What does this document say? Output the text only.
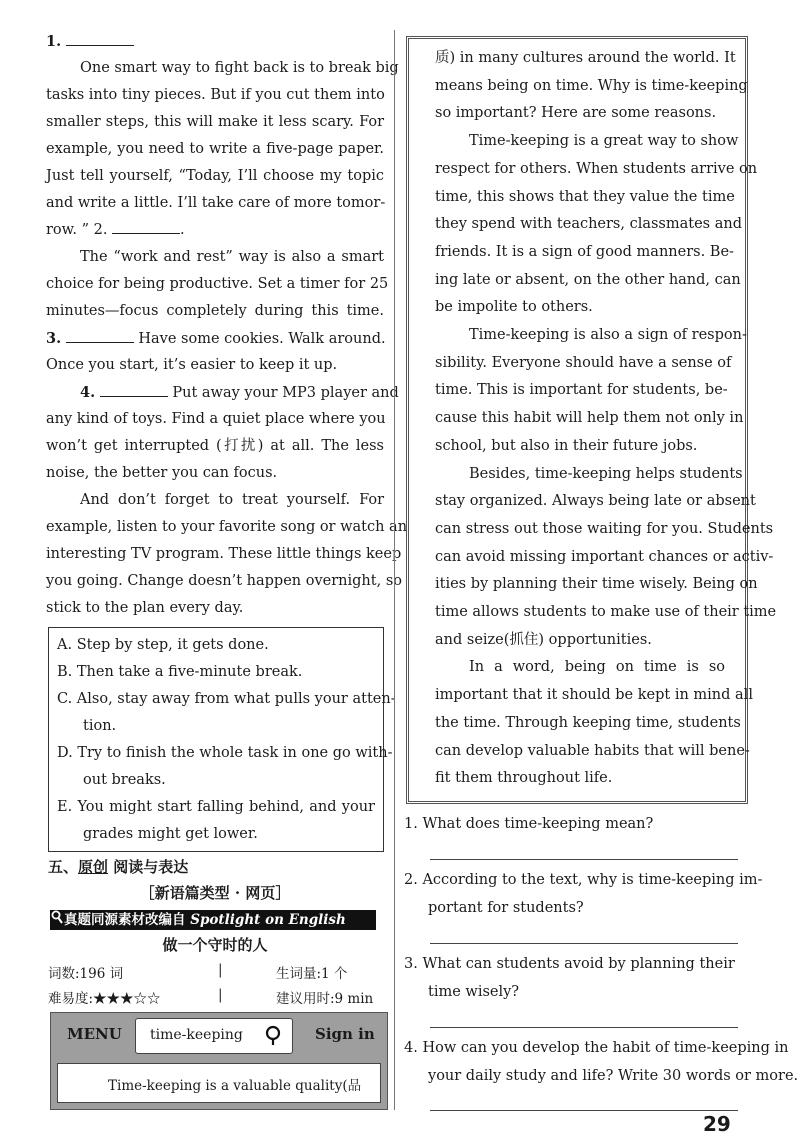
1.
One smart way to fight back is to break big
tasks into tiny pieces. But if you cut them into
smaller steps, this will make it less scary. For
example, you need to write a five-page paper.
Just tell yourself, “Today, I’ll choose my topic
and write a little. I’ll take care of more tomor-
row. ” 2.	.
The “work and rest” way is also a smart
choice for being productive. Set a timer for 25
minutes—focus completely during this time.
3.	Have some cookies. Walk around.
Once you start, it’s easier to keep it up.
4.	Put away your MP3 player and
any kind of toys. Find a quiet place where you
won’t get interrupted (打扰) at all. The less
noise, the better you can focus.
And don’t forget to treat yourself. For
example, listen to your favorite song or watch an
interesting TV program. These little things keep
you going. Change doesn’t happen overnight, so
stick to the plan every day.
A. Step by step, it gets done.
B. Then take a five-minute break.
C. Also, stay away from what pulls your atten-
tion.
D. Try to finish the whole task in one go with-
out breaks.
E. You might start falling behind, and your
grades might get lower.
五、原创 阅读与表达
［新语篇类型 · 网页］
真题同源素材改编自 Spotlight on English
做一个守时的人
词数:196 词	|	生词量:1 个
难易度:★★★☆☆	|	建议用时:9 min
MENU time-keeping	Sign in
Time-keeping is a valuable quality(品
质) in many cultures around the world. It
means being on time. Why is time-keeping
so important? Here are some reasons.
Time-keeping is a great way to show
respect for others. When students arrive on
time, this shows that they value the time
they spend with teachers, classmates and
friends. It is a sign of good manners. Be-
ing late or absent, on the other hand, can
be impolite to others.
Time-keeping is also a sign of respon-
sibility. Everyone should have a sense of
time. This is important for students, be-
cause this habit will help them not only in
school, but also in their future jobs.
Besides, time-keeping helps students
stay organized. Always being late or absent
can stress out those waiting for you. Students
can avoid missing important chances or activ-
ities by planning their time wisely. Being on
time allows students to make use of their time
and seize(抓住) opportunities.
In a word, being on time is so
important that it should be kept in mind all
the time. Through keeping time, students
can develop valuable habits that will bene-
fit them throughout life.
1. What does time-keeping mean?
2. According to the text, why is time-keeping im-
portant for students?
3. What can students avoid by planning their
time wisely?
4. How can you develop the habit of time-keeping in
your daily study and life? Write 30 words or more.
29
